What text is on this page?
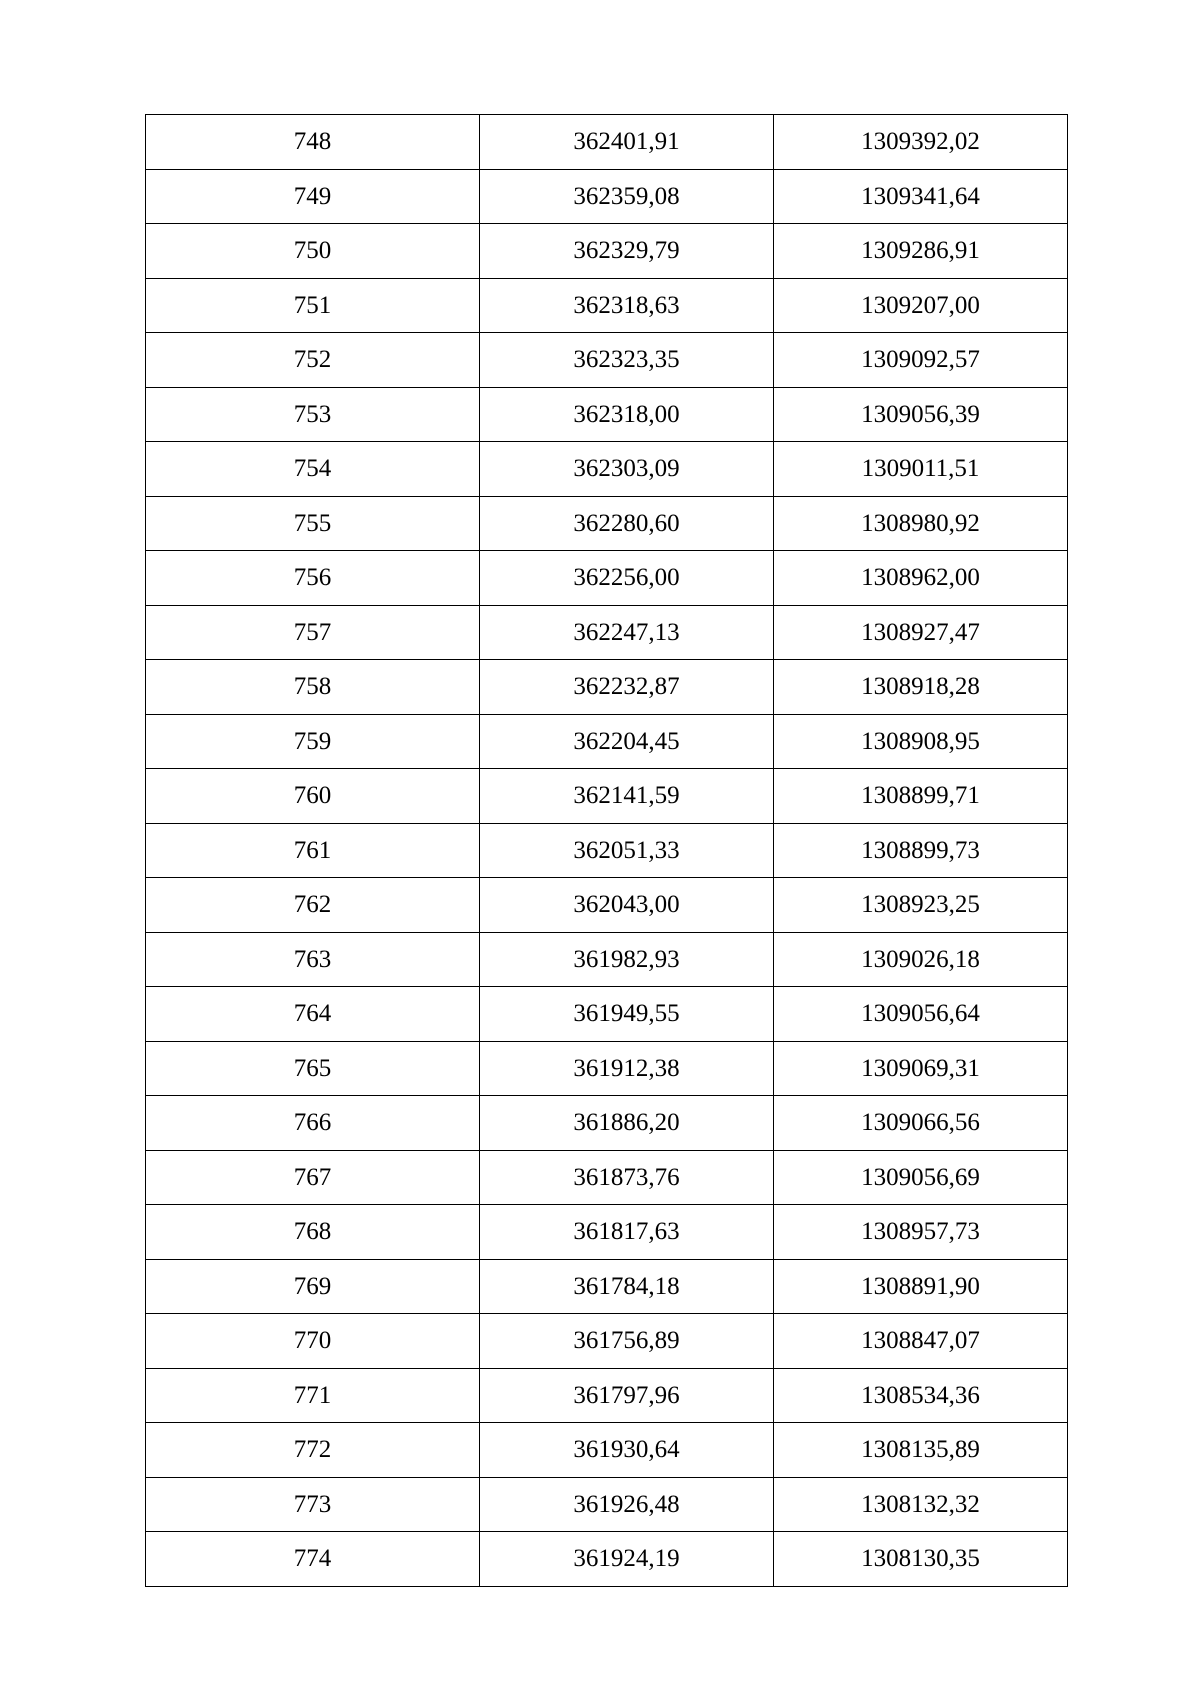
748	362401,91	1309392,02
749	362359,08	1309341,64
750	362329,79	1309286,91
751	362318,63	1309207,00
752	362323,35	1309092,57
753	362318,00	1309056,39
754	362303,09	1309011,51
755	362280,60	1308980,92
756	362256,00	1308962,00
757	362247,13	1308927,47
758	362232,87	1308918,28
759	362204,45	1308908,95
760	362141,59	1308899,71
761	362051,33	1308899,73
762	362043,00	1308923,25
763	361982,93	1309026,18
764	361949,55	1309056,64
765	361912,38	1309069,31
766	361886,20	1309066,56
767	361873,76	1309056,69
768	361817,63	1308957,73
769	361784,18	1308891,90
770	361756,89	1308847,07
771	361797,96	1308534,36
772	361930,64	1308135,89
773	361926,48	1308132,32
774	361924,19	1308130,35
